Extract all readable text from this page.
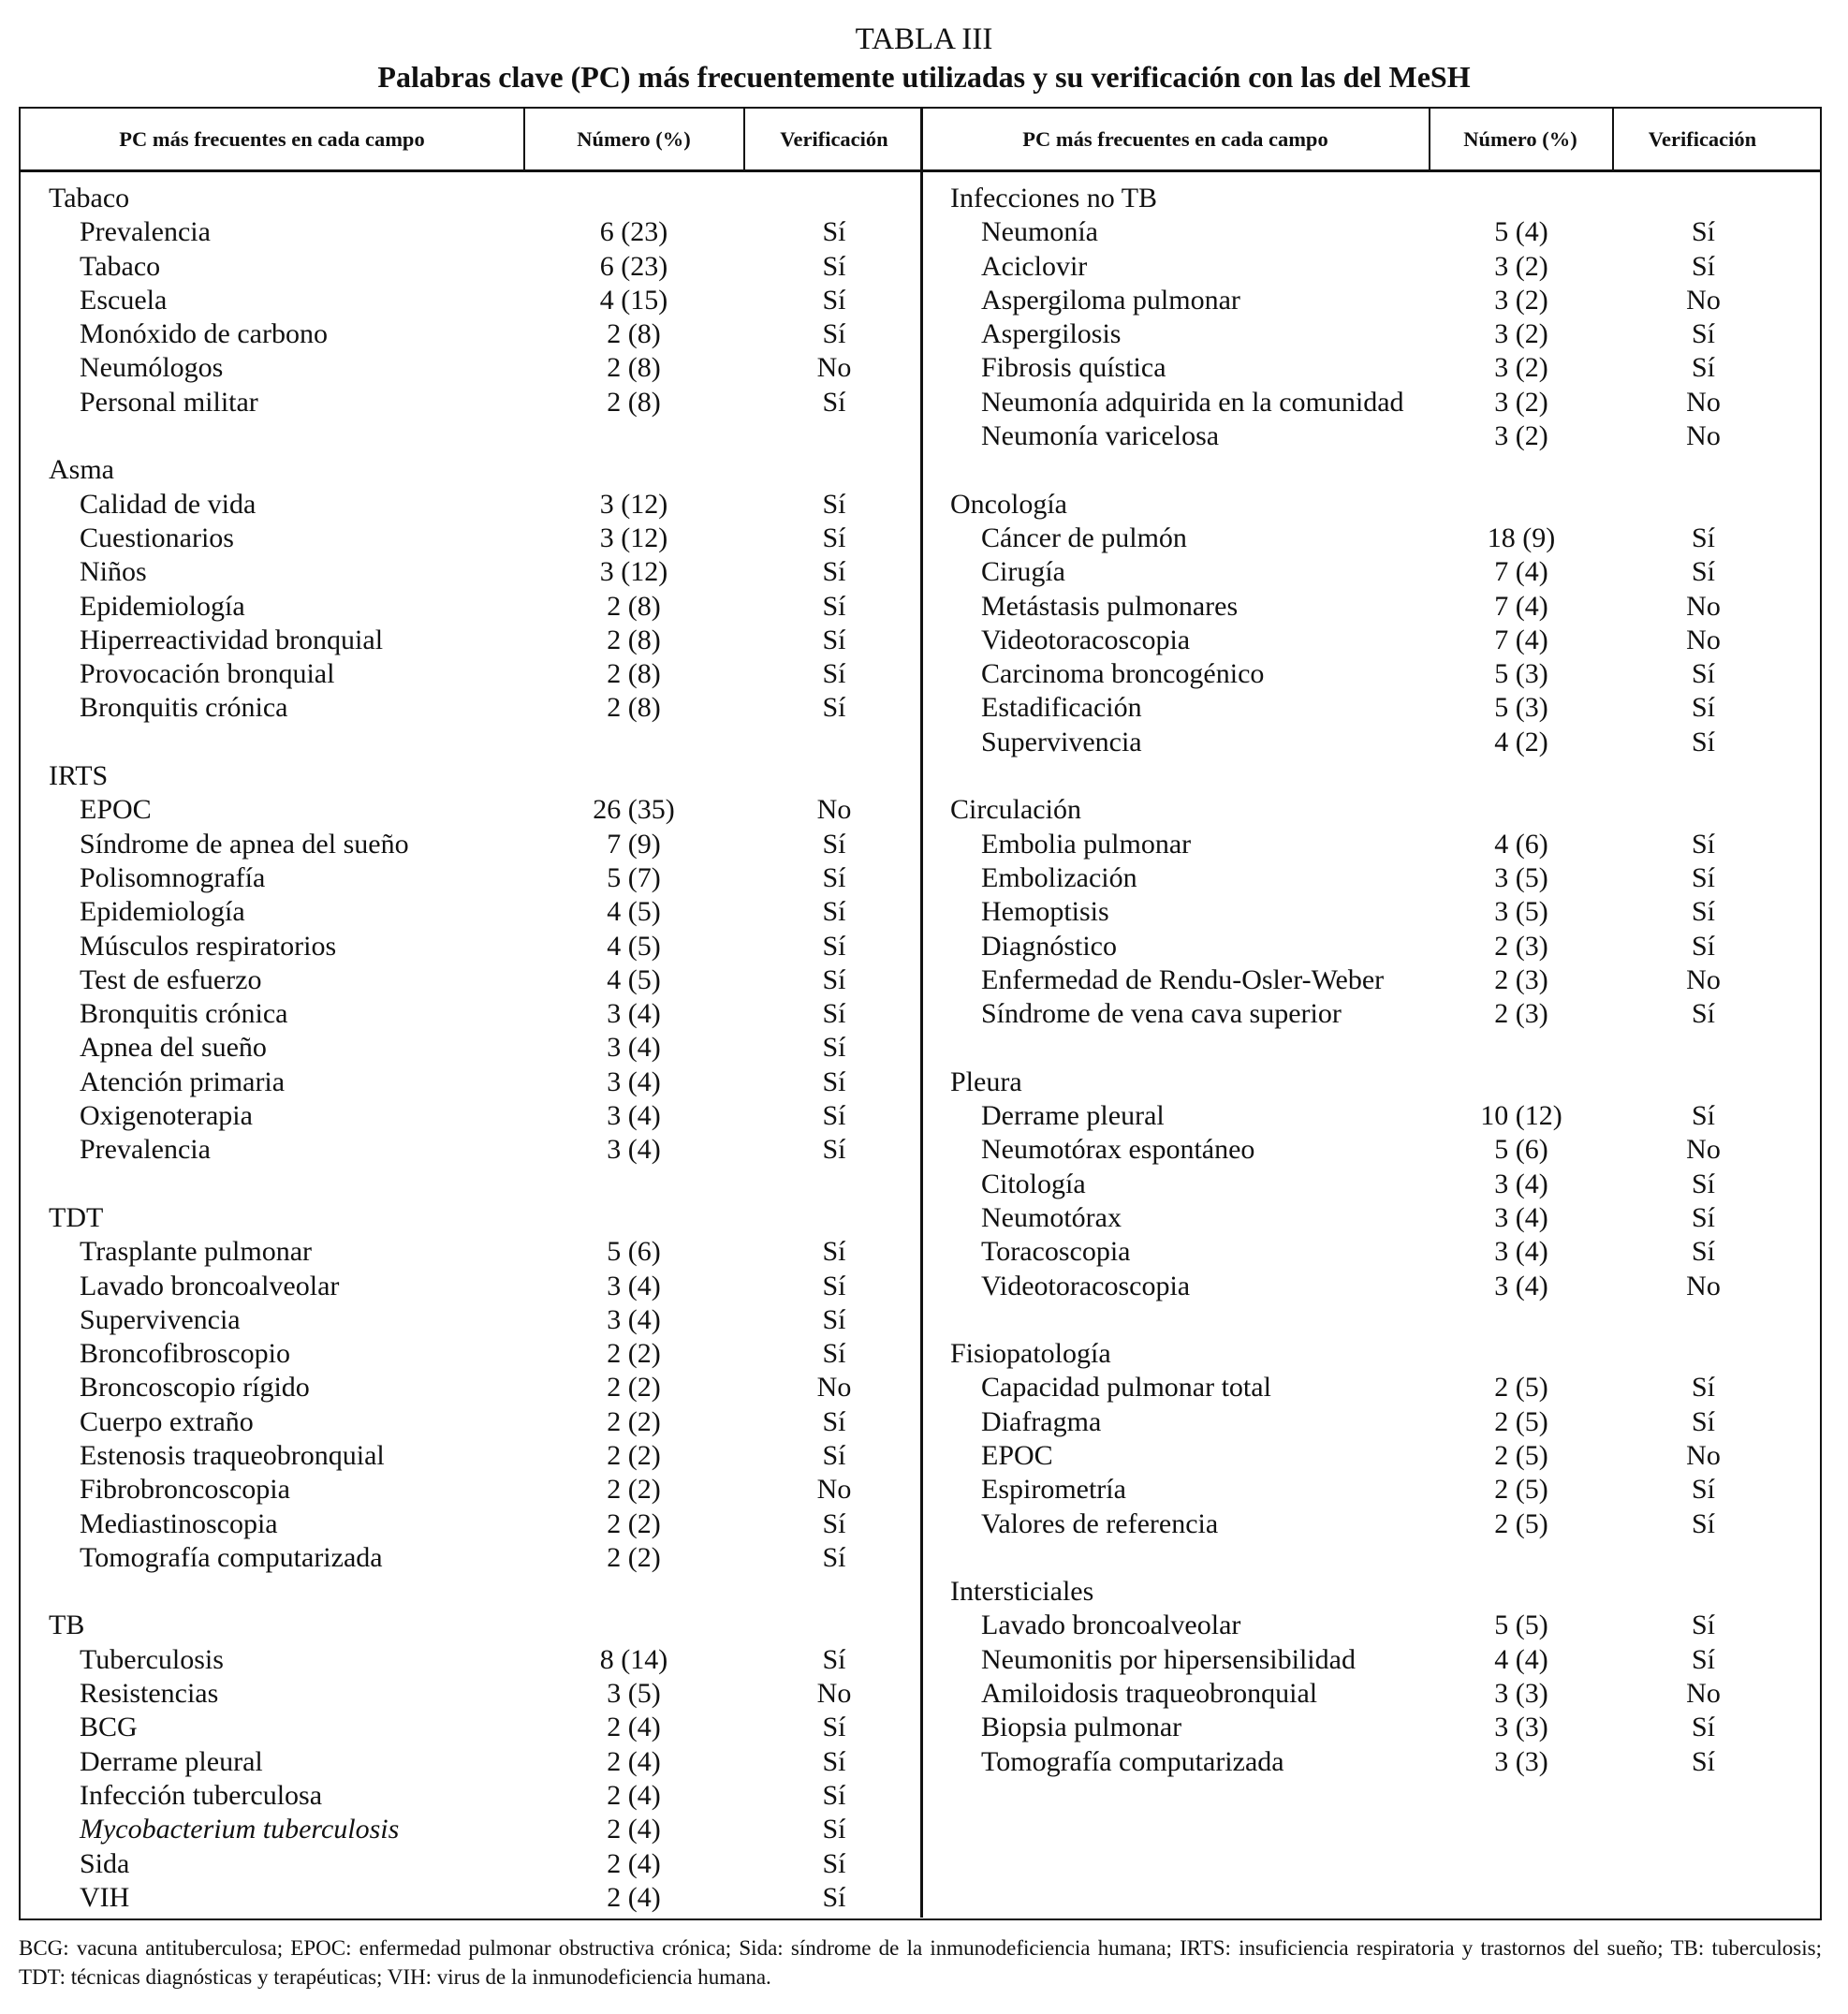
TABLA III
Palabras clave (PC) más frecuentemente utilizadas y su verificación con las del MeSH
PC más frecuentes en cada campo	Número (%)	Verificación	PC más frecuentes en cada campo	Número (%)	Verificación
Tabaco
Prevalencia	6 (23)	Sí
Tabaco	6 (23)	Sí
Escuela	4 (15)	Sí
Monóxido de carbono	2 (8)	Sí
Neumólogos	2 (8)	No
Personal militar	2 (8)	Sí
Asma
Calidad de vida	3 (12)	Sí
Cuestionarios	3 (12)	Sí
Niños	3 (12)	Sí
Epidemiología	2 (8)	Sí
Hiperreactividad bronquial	2 (8)	Sí
Provocación bronquial	2 (8)	Sí
Bronquitis crónica	2 (8)	Sí
IRTS
EPOC	26 (35)	No
Síndrome de apnea del sueño	7 (9)	Sí
Polisomnografía	5 (7)	Sí
Epidemiología	4 (5)	Sí
Músculos respiratorios	4 (5)	Sí
Test de esfuerzo	4 (5)	Sí
Bronquitis crónica	3 (4)	Sí
Apnea del sueño	3 (4)	Sí
Atención primaria	3 (4)	Sí
Oxigenoterapia	3 (4)	Sí
Prevalencia	3 (4)	Sí
TDT
Trasplante pulmonar	5 (6)	Sí
Lavado broncoalveolar	3 (4)	Sí
Supervivencia	3 (4)	Sí
Broncofibroscopio	2 (2)	Sí
Broncoscopio rígido	2 (2)	No
Cuerpo extraño	2 (2)	Sí
Estenosis traqueobronquial	2 (2)	Sí
Fibrobroncoscopia	2 (2)	No
Mediastinoscopia	2 (2)	Sí
Tomografía computarizada	2 (2)	Sí
TB
Tuberculosis	8 (14)	Sí
Resistencias	3 (5)	No
BCG	2 (4)	Sí
Derrame pleural	2 (4)	Sí
Infección tuberculosa	2 (4)	Sí
Mycobacterium tuberculosis	2 (4)	Sí
Sida	2 (4)	Sí
VIH	2 (4)	Sí
Infecciones no TB
Neumonía	5 (4)	Sí
Aciclovir	3 (2)	Sí
Aspergiloma pulmonar	3 (2)	No
Aspergilosis	3 (2)	Sí
Fibrosis quística	3 (2)	Sí
Neumonía adquirida en la comunidad	3 (2)	No
Neumonía varicelosa	3 (2)	No
Oncología
Cáncer de pulmón	18 (9)	Sí
Cirugía	7 (4)	Sí
Metástasis pulmonares	7 (4)	No
Videotoracoscopia	7 (4)	No
Carcinoma broncogénico	5 (3)	Sí
Estadificación	5 (3)	Sí
Supervivencia	4 (2)	Sí
Circulación
Embolia pulmonar	4 (6)	Sí
Embolización	3 (5)	Sí
Hemoptisis	3 (5)	Sí
Diagnóstico	2 (3)	Sí
Enfermedad de Rendu-Osler-Weber	2 (3)	No
Síndrome de vena cava superior	2 (3)	Sí
Pleura
Derrame pleural	10 (12)	Sí
Neumotórax espontáneo	5 (6)	No
Citología	3 (4)	Sí
Neumotórax	3 (4)	Sí
Toracoscopia	3 (4)	Sí
Videotoracoscopia	3 (4)	No
Fisiopatología
Capacidad pulmonar total	2 (5)	Sí
Diafragma	2 (5)	Sí
EPOC	2 (5)	No
Espirometría	2 (5)	Sí
Valores de referencia	2 (5)	Sí
Intersticiales
Lavado broncoalveolar	5 (5)	Sí
Neumonitis por hipersensibilidad	4 (4)	Sí
Amiloidosis traqueobronquial	3 (3)	No
Biopsia pulmonar	3 (3)	Sí
Tomografía computarizada	3 (3)	Sí
BCG: vacuna antituberculosa; EPOC: enfermedad pulmonar obstructiva crónica; Sida: síndrome de la inmunodeficiencia humana; IRTS: insuficiencia respiratoria y trastornos del sueño; TB: tuberculosis; TDT: técnicas diagnósticas y terapéuticas; VIH: virus de la inmunodeficiencia humana.
